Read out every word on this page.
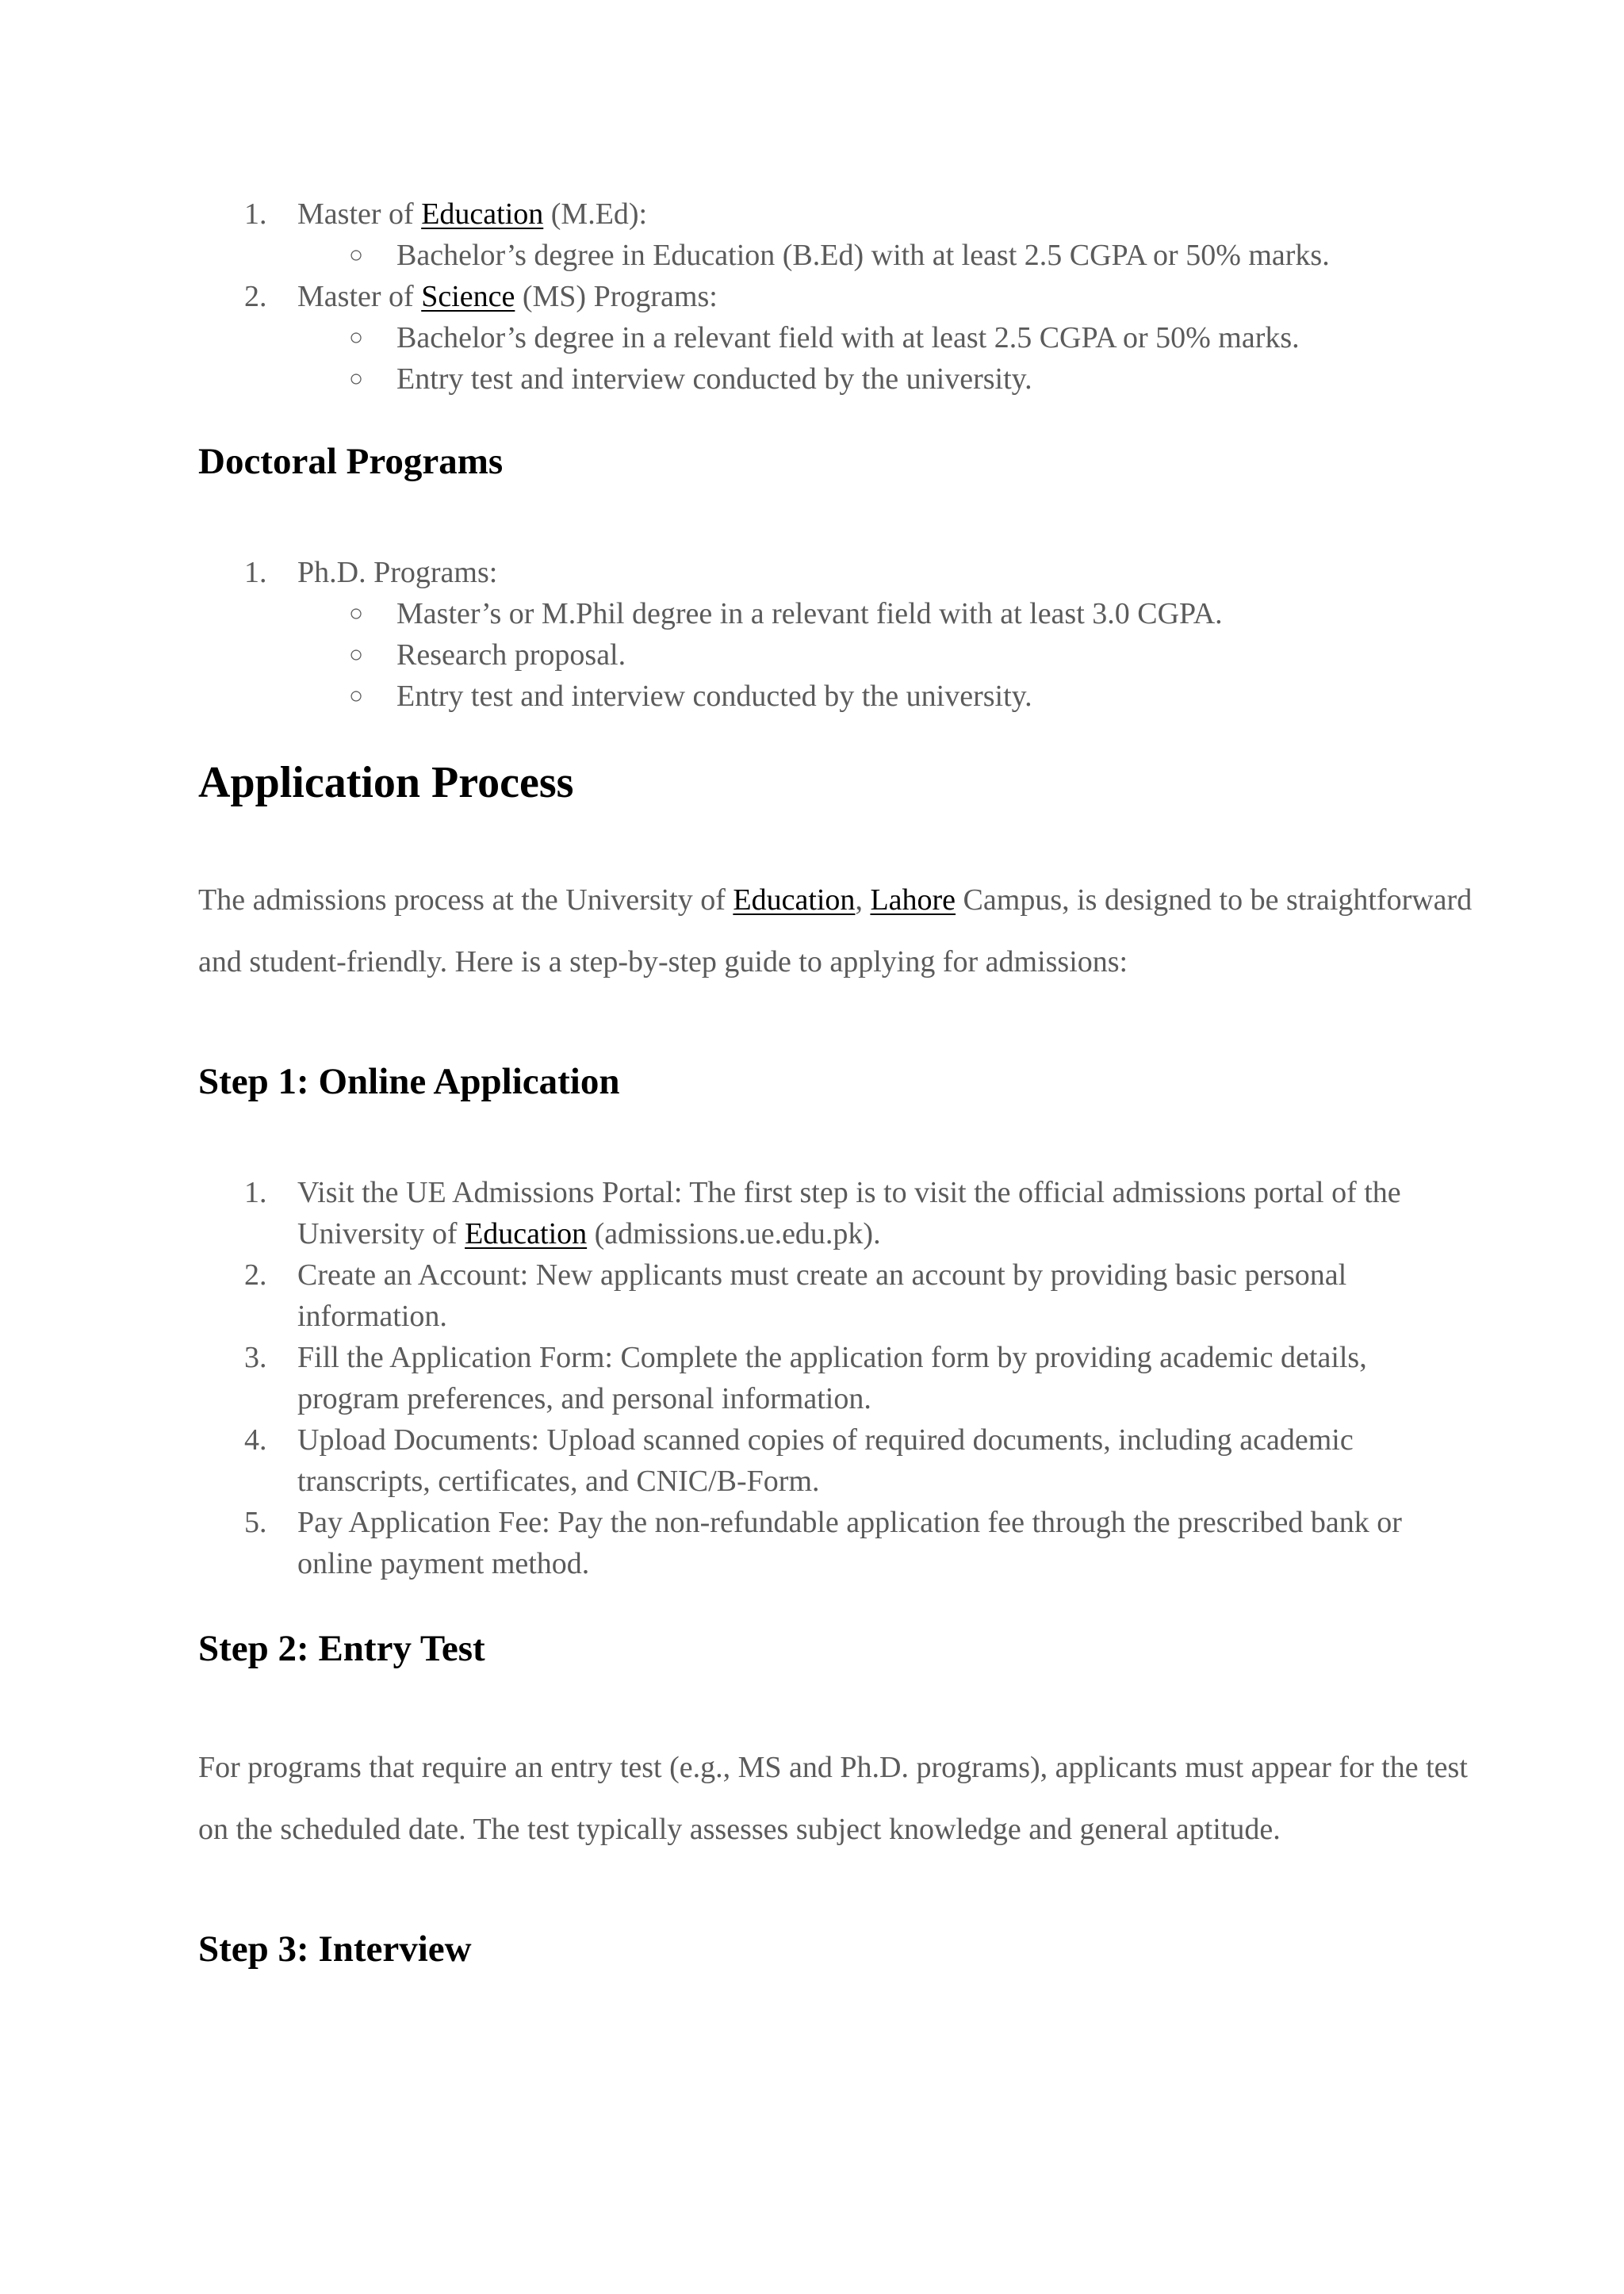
1. Master of Education (M.Ed):
○ Bachelor’s degree in Education (B.Ed) with at least 2.5 CGPA or 50% marks.
2. Master of Science (MS) Programs:
○ Bachelor’s degree in a relevant field with at least 2.5 CGPA or 50% marks.
○ Entry test and interview conducted by the university.
Doctoral Programs
1. Ph.D. Programs:
○ Master’s or M.Phil degree in a relevant field with at least 3.0 CGPA.
○ Research proposal.
○ Entry test and interview conducted by the university.
Application Process

The admissions process at the University of Education, Lahore Campus, is designed to be straightforward and student-friendly. Here is a step-by-step guide to applying for admissions:

Step 1: Online Application
1. Visit the UE Admissions Portal: The first step is to visit the official admissions portal of the University of Education (admissions.ue.edu.pk).
2. Create an Account: New applicants must create an account by providing basic personal information.
3. Fill the Application Form: Complete the application form by providing academic details, program preferences, and personal information.
4. Upload Documents: Upload scanned copies of required documents, including academic transcripts, certificates, and CNIC/B-Form.
5. Pay Application Fee: Pay the non-refundable application fee through the prescribed bank or online payment method.
Step 2: Entry Test

For programs that require an entry test (e.g., MS and Ph.D. programs), applicants must appear for the test on the scheduled date. The test typically assesses subject knowledge and general aptitude.

Step 3: Interview
